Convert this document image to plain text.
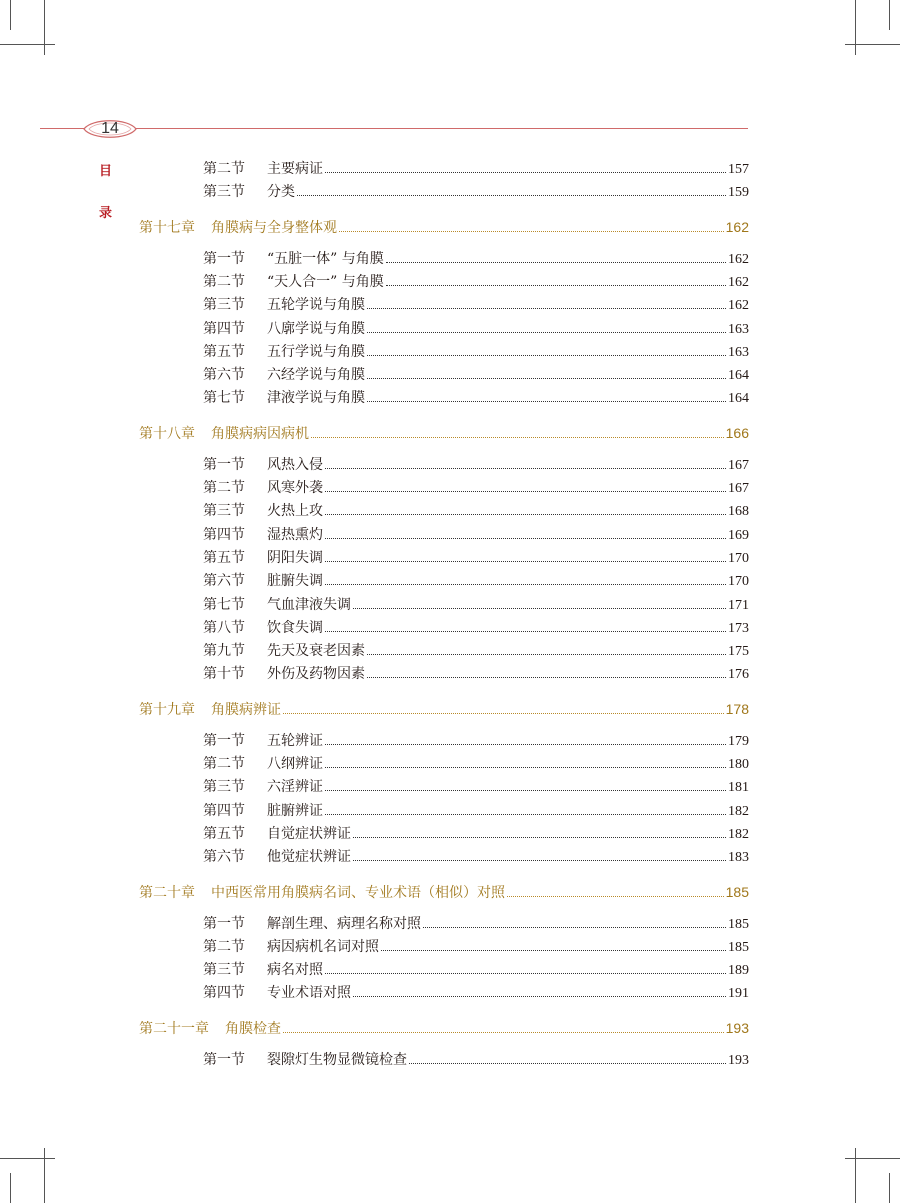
14
目
录
第二节	主要病证	157
第三节	分类	159
第十七章 角膜病与全身整体观	162
第一节	“五脏一体” 与角膜	162
第二节	“天人合一” 与角膜	162
第三节	五轮学说与角膜	162
第四节	八廓学说与角膜	163
第五节	五行学说与角膜	163
第六节	六经学说与角膜	164
第七节	津液学说与角膜	164
第十八章 角膜病病因病机	166
第一节	风热入侵	167
第二节	风寒外袭	167
第三节	火热上攻	168
第四节	湿热熏灼	169
第五节	阴阳失调	170
第六节	脏腑失调	170
第七节	气血津液失调	171
第八节	饮食失调	173
第九节	先天及衰老因素	175
第十节	外伤及药物因素	176
第十九章 角膜病辨证	178
第一节	五轮辨证	179
第二节	八纲辨证	180
第三节	六淫辨证	181
第四节	脏腑辨证	182
第五节	自觉症状辨证	182
第六节	他觉症状辨证	183
第二十章 中西医常用角膜病名词、专业术语（相似）对照	185
第一节	解剖生理、病理名称对照	185
第二节	病因病机名词对照	185
第三节	病名对照	189
第四节	专业术语对照	191
第二十一章 角膜检查	193
第一节	裂隙灯生物显微镜检查	193
